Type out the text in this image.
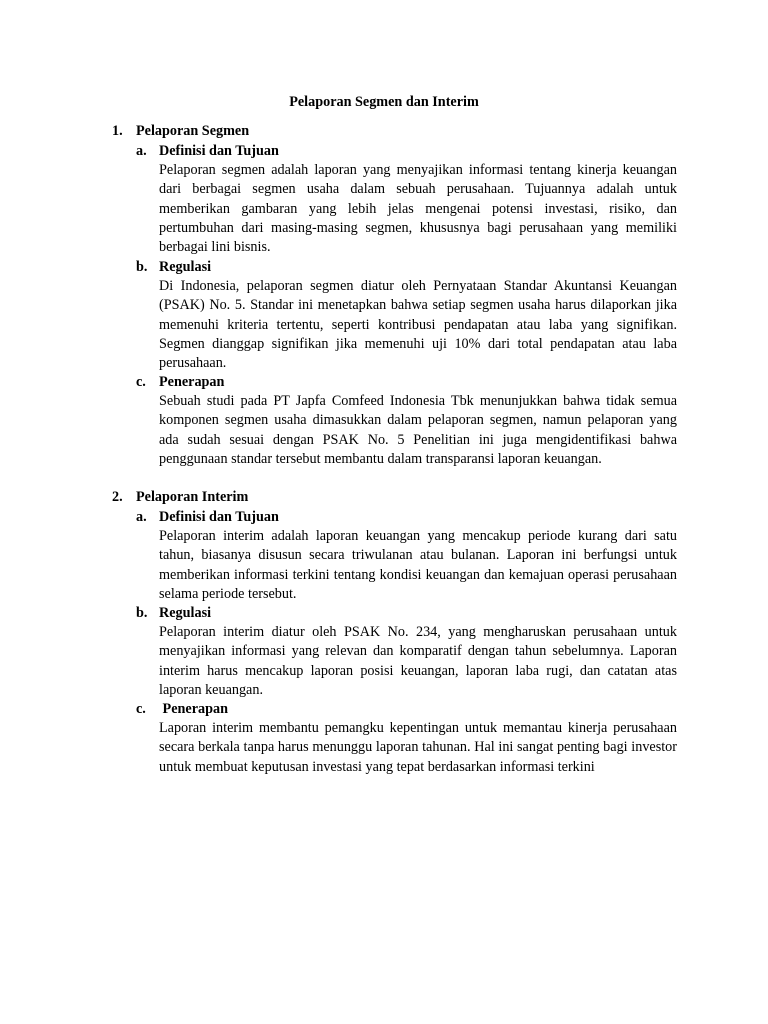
Pelaporan Segmen dan Interim
1. Pelaporan Segmen
a. Definisi dan Tujuan

Pelaporan segmen adalah laporan yang menyajikan informasi tentang kinerja keuangan dari berbagai segmen usaha dalam sebuah perusahaan. Tujuannya adalah untuk memberikan gambaran yang lebih jelas mengenai potensi investasi, risiko, dan pertumbuhan dari masing-masing segmen, khususnya bagi perusahaan yang memiliki berbagai lini bisnis.

b. Regulasi

Di Indonesia, pelaporan segmen diatur oleh Pernyataan Standar Akuntansi Keuangan (PSAK) No. 5. Standar ini menetapkan bahwa setiap segmen usaha harus dilaporkan jika memenuhi kriteria tertentu, seperti kontribusi pendapatan atau laba yang signifikan. Segmen dianggap signifikan jika memenuhi uji 10% dari total pendapatan atau laba perusahaan.

c. Penerapan

Sebuah studi pada PT Japfa Comfeed Indonesia Tbk menunjukkan bahwa tidak semua komponen segmen usaha dimasukkan dalam pelaporan segmen, namun pelaporan yang ada sudah sesuai dengan PSAK No. 5 Penelitian ini juga mengidentifikasi bahwa penggunaan standar tersebut membantu dalam transparansi laporan keuangan.

2. Pelaporan Interim
a. Definisi dan Tujuan

Pelaporan interim adalah laporan keuangan yang mencakup periode kurang dari satu tahun, biasanya disusun secara triwulanan atau bulanan. Laporan ini berfungsi untuk memberikan informasi terkini tentang kondisi keuangan dan kemajuan operasi perusahaan selama periode tersebut.

b. Regulasi

Pelaporan interim diatur oleh PSAK No. 234, yang mengharuskan perusahaan untuk menyajikan informasi yang relevan dan komparatif dengan tahun sebelumnya. Laporan interim harus mencakup laporan posisi keuangan, laporan laba rugi, dan catatan atas laporan keuangan.

c. Penerapan

Laporan interim membantu pemangku kepentingan untuk memantau kinerja perusahaan secara berkala tanpa harus menunggu laporan tahunan. Hal ini sangat penting bagi investor untuk membuat keputusan investasi yang tepat berdasarkan informasi terkini
